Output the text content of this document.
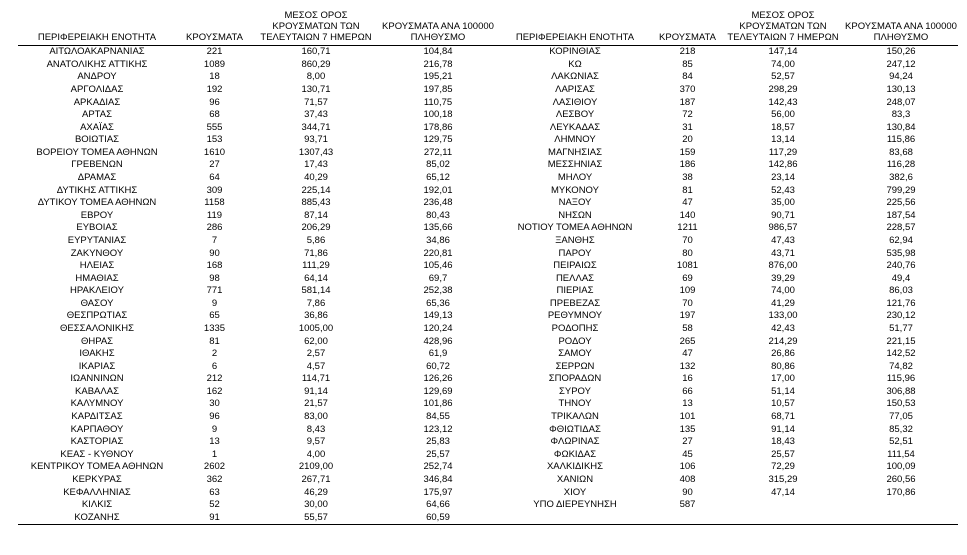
ΠΕΡΙΦΕΡΕΙΑΚΗ ΕΝΟΤΗΤΑ	ΚΡΟΥΣΜΑΤΑ	ΜΕΣΟΣ ΟΡΟΣ ΚΡΟΥΣΜΑΤΩΝ ΤΩΝ ΤΕΛΕΥΤΑΙΩΝ 7 ΗΜΕΡΩΝ	ΚΡΟΥΣΜΑΤΑ ΑΝΑ 100000 ΠΛΗΘΥΣΜΟ	ΠΕΡΙΦΕΡΕΙΑΚΗ ΕΝΟΤΗΤΑ	ΚΡΟΥΣΜΑΤΑ	ΜΕΣΟΣ ΟΡΟΣ ΚΡΟΥΣΜΑΤΩΝ ΤΩΝ ΤΕΛΕΥΤΑΙΩΝ 7 ΗΜΕΡΩΝ	ΚΡΟΥΣΜΑΤΑ ΑΝΑ 100000 ΠΛΗΘΥΣΜΟ
ΑΙΤΩΛΟΑΚΑΡΝΑΝΙΑΣ	221	160,71	104,84	ΚΟΡΙΝΘΙΑΣ	218	147,14	150,26
ΑΝΑΤΟΛΙΚΗΣ ΑΤΤΙΚΗΣ	1089	860,29	216,78	ΚΩ	85	74,00	247,12
ΑΝΔΡΟΥ	18	8,00	195,21	ΛΑΚΩΝΙΑΣ	84	52,57	94,24
ΑΡΓΟΛΙΔΑΣ	192	130,71	197,85	ΛΑΡΙΣΑΣ	370	298,29	130,13
ΑΡΚΑΔΙΑΣ	96	71,57	110,75	ΛΑΣΙΘΙΟΥ	187	142,43	248,07
ΑΡΤΑΣ	68	37,43	100,18	ΛΕΣΒΟΥ	72	56,00	83,3
ΑΧΑΪΑΣ	555	344,71	178,86	ΛΕΥΚΑΔΑΣ	31	18,57	130,84
ΒΟΙΩΤΙΑΣ	153	93,71	129,75	ΛΗΜΝΟΥ	20	13,14	115,86
ΒΟΡΕΙΟΥ ΤΟΜΕΑ ΑΘΗΝΩΝ	1610	1307,43	272,11	ΜΑΓΝΗΣΙΑΣ	159	117,29	83,68
ΓΡΕΒΕΝΩΝ	27	17,43	85,02	ΜΕΣΣΗΝΙΑΣ	186	142,86	116,28
ΔΡΑΜΑΣ	64	40,29	65,12	ΜΗΛΟΥ	38	23,14	382,6
ΔΥΤΙΚΗΣ ΑΤΤΙΚΗΣ	309	225,14	192,01	ΜΥΚΟΝΟΥ	81	52,43	799,29
ΔΥΤΙΚΟΥ ΤΟΜΕΑ ΑΘΗΝΩΝ	1158	885,43	236,48	ΝΑΞΟΥ	47	35,00	225,56
ΕΒΡΟΥ	119	87,14	80,43	ΝΗΣΩΝ	140	90,71	187,54
ΕΥΒΟΙΑΣ	286	206,29	135,66	ΝΟΤΙΟΥ ΤΟΜΕΑ ΑΘΗΝΩΝ	1211	986,57	228,57
ΕΥΡΥΤΑΝΙΑΣ	7	5,86	34,86	ΞΑΝΘΗΣ	70	47,43	62,94
ΖΑΚΥΝΘΟΥ	90	71,86	220,81	ΠΑΡΟΥ	80	43,71	535,98
ΗΛΕΙΑΣ	168	111,29	105,46	ΠΕΙΡΑΙΩΣ	1081	876,00	240,76
ΗΜΑΘΙΑΣ	98	64,14	69,7	ΠΕΛΛΑΣ	69	39,29	49,4
ΗΡΑΚΛΕΙΟΥ	771	581,14	252,38	ΠΙΕΡΙΑΣ	109	74,00	86,03
ΘΑΣΟΥ	9	7,86	65,36	ΠΡΕΒΕΖΑΣ	70	41,29	121,76
ΘΕΣΠΡΩΤΙΑΣ	65	36,86	149,13	ΡΕΘΥΜΝΟΥ	197	133,00	230,12
ΘΕΣΣΑΛΟΝΙΚΗΣ	1335	1005,00	120,24	ΡΟΔΟΠΗΣ	58	42,43	51,77
ΘΗΡΑΣ	81	62,00	428,96	ΡΟΔΟΥ	265	214,29	221,15
ΙΘΑΚΗΣ	2	2,57	61,9	ΣΑΜΟΥ	47	26,86	142,52
ΙΚΑΡΙΑΣ	6	4,57	60,72	ΣΕΡΡΩΝ	132	80,86	74,82
ΙΩΑΝΝΙΝΩΝ	212	114,71	126,26	ΣΠΟΡΑΔΩΝ	16	17,00	115,96
ΚΑΒΑΛΑΣ	162	91,14	129,69	ΣΥΡΟΥ	66	51,14	306,88
ΚΑΛΥΜΝΟΥ	30	21,57	101,86	ΤΗΝΟΥ	13	10,57	150,53
ΚΑΡΔΙΤΣΑΣ	96	83,00	84,55	ΤΡΙΚΑΛΩΝ	101	68,71	77,05
ΚΑΡΠΑΘΟΥ	9	8,43	123,12	ΦΘΙΩΤΙΔΑΣ	135	91,14	85,32
ΚΑΣΤΟΡΙΑΣ	13	9,57	25,83	ΦΛΩΡΙΝΑΣ	27	18,43	52,51
ΚΕΑΣ - ΚΥΘΝΟΥ	1	4,00	25,57	ΦΩΚΙΔΑΣ	45	25,57	111,54
ΚΕΝΤΡΙΚΟΥ ΤΟΜΕΑ ΑΘΗΝΩΝ	2602	2109,00	252,74	ΧΑΛΚΙΔΙΚΗΣ	106	72,29	100,09
ΚΕΡΚΥΡΑΣ	362	267,71	346,84	ΧΑΝΙΩΝ	408	315,29	260,56
ΚΕΦΑΛΛΗΝΙΑΣ	63	46,29	175,97	ΧΙΟΥ	90	47,14	170,86
ΚΙΛΚΙΣ	52	30,00	64,66	ΥΠΟ ΔΙΕΡΕΥΝΗΣΗ	587		
ΚΟΖΑΝΗΣ	91	55,57	60,59				
